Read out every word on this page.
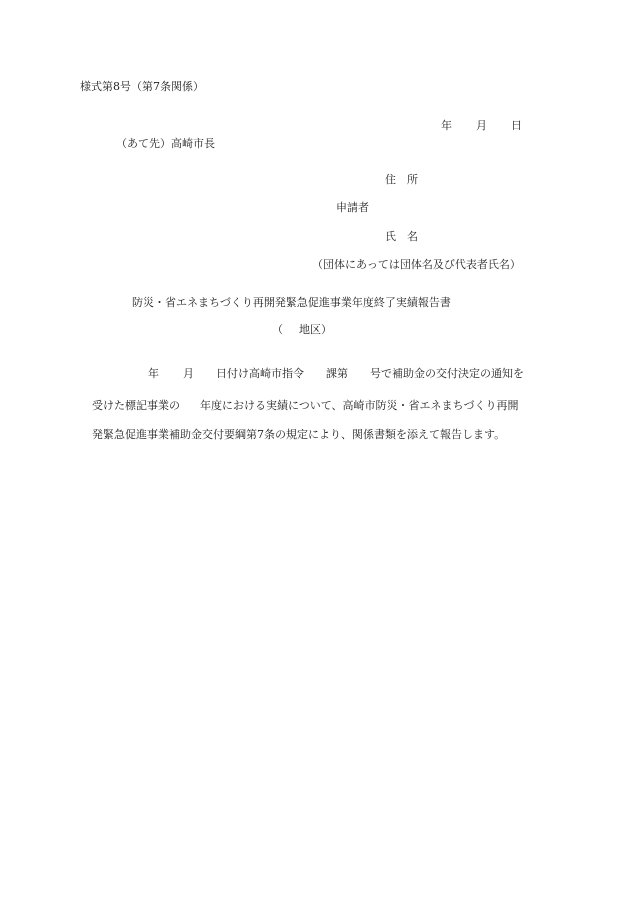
様式第8号（第7条関係）
年 月 日
（あて先）高崎市長
住　所
申請者
氏　名
（団体にあっては団体名及び代表者氏名）
防災・省エネまちづくり再開発緊急促進事業年度終了実績報告書
（ 地区）
年 月 日付け高崎市指令 課第 号で補助金の交付決定の通知を
受けた標記事業の 年度における実績について、高崎市防災・省エネまちづくり再開
発緊急促進事業補助金交付要綱第7条の規定により、関係書類を添えて報告します。
